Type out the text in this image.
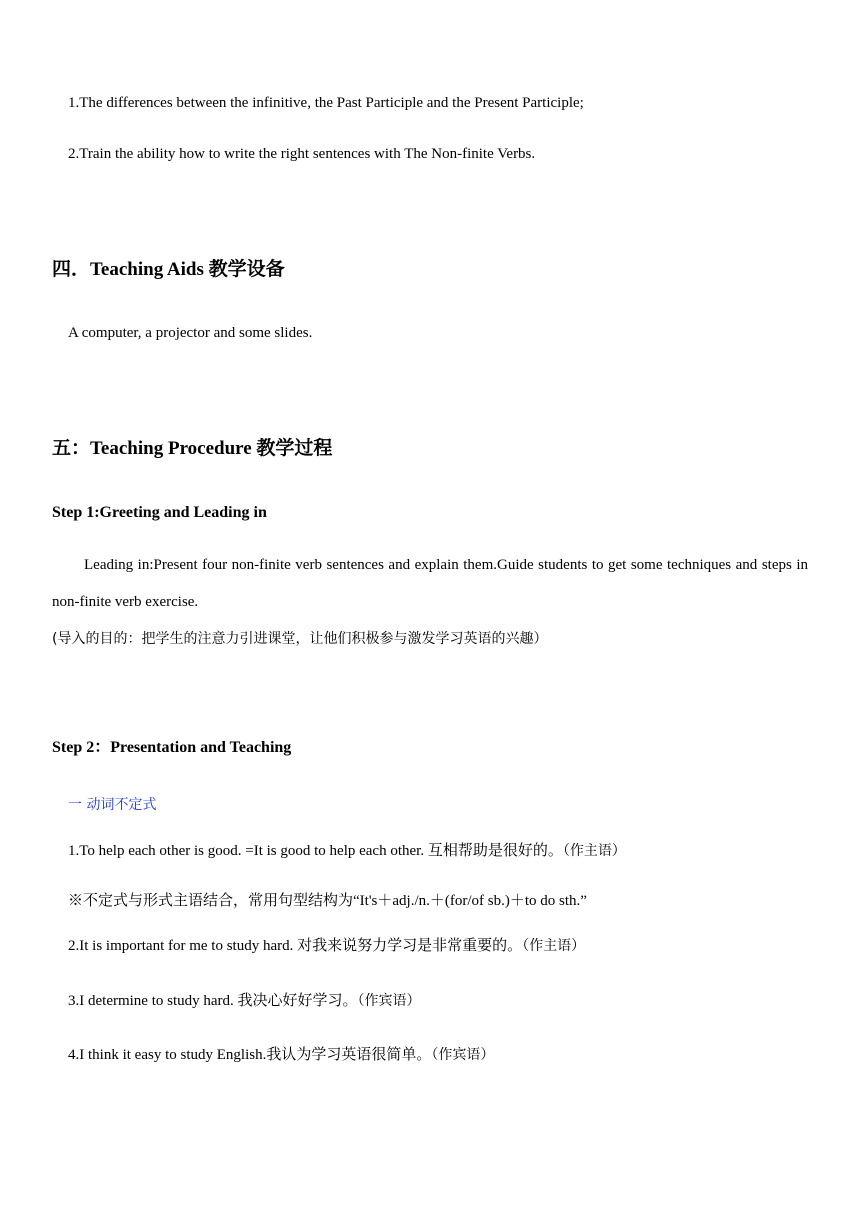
1.The differences between the infinitive, the Past Participle and the Present Participle;
2.Train the ability how to write the right sentences with The Non-finite Verbs.
四．Teaching Aids 教学设备
A computer, a projector and some slides.
五：Teaching Procedure 教学过程
Step 1:Greeting and Leading in
Leading in:Present four non-finite verb sentences and explain them.Guide students to get some techniques and steps in non-finite verb exercise.
(导入的目的：把学生的注意力引进课堂，让他们积极参与激发学习英语的兴趣）
Step 2：Presentation and Teaching
一 动词不定式
1.To help each other is good. =It is good to help each other. 互相帮助是很好的。（作主语）
※不定式与形式主语结合，常用句型结构为“It's＋adj./n.＋(for/of sb.)＋to do sth.”
2.It is important for me to study hard. 对我来说努力学习是非常重要的。（作主语）
3.I determine to study hard. 我决心好好学习。（作宾语）
4.I think it easy to study English.我认为学习英语很简单。（作宾语）
